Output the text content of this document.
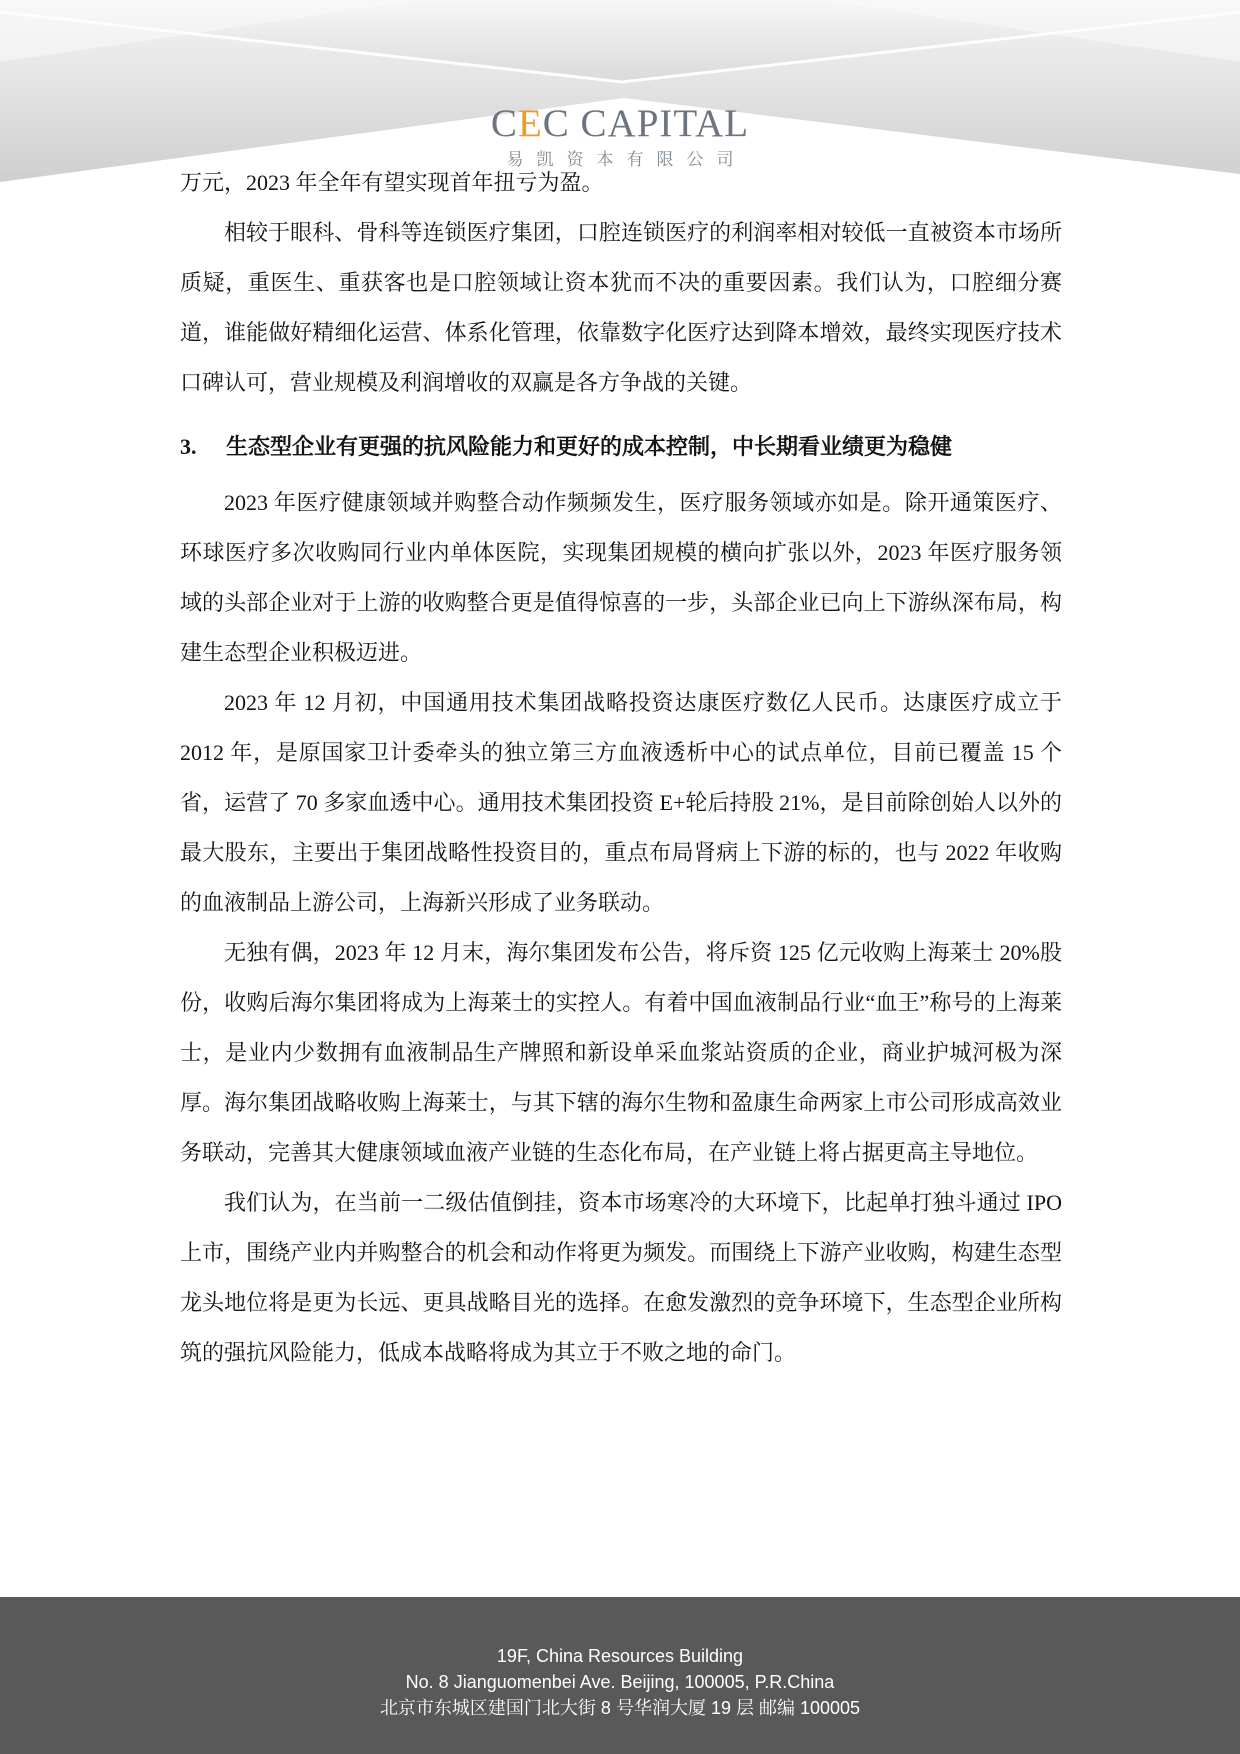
CEC CAPITAL
易凯资本有限公司

万元，2023 年全年有望实现首年扭亏为盈。

相较于眼科、骨科等连锁医疗集团，口腔连锁医疗的利润率相对较低一直被资本市场所质疑，重医生、重获客也是口腔领域让资本犹而不决的重要因素。我们认为，口腔细分赛道，谁能做好精细化运营、体系化管理，依靠数字化医疗达到降本增效，最终实现医疗技术口碑认可，营业规模及利润增收的双赢是各方争战的关键。

3.	生态型企业有更强的抗风险能力和更好的成本控制，中长期看业绩更为稳健

2023 年医疗健康领域并购整合动作频频发生，医疗服务领域亦如是。除开通策医疗、环球医疗多次收购同行业内单体医院，实现集团规模的横向扩张以外，2023 年医疗服务领域的头部企业对于上游的收购整合更是值得惊喜的一步，头部企业已向上下游纵深布局，构建生态型企业积极迈进。

2023 年 12 月初，中国通用技术集团战略投资达康医疗数亿人民币。达康医疗成立于 2012 年，是原国家卫计委牵头的独立第三方血液透析中心的试点单位，目前已覆盖 15 个省，运营了 70 多家血透中心。通用技术集团投资 E+轮后持股 21%，是目前除创始人以外的最大股东，主要出于集团战略性投资目的，重点布局肾病上下游的标的，也与 2022 年收购的血液制品上游公司，上海新兴形成了业务联动。

无独有偶，2023 年 12 月末，海尔集团发布公告，将斥资 125 亿元收购上海莱士 20%股份，收购后海尔集团将成为上海莱士的实控人。有着中国血液制品行业“血王”称号的上海莱士，是业内少数拥有血液制品生产牌照和新设单采血浆站资质的企业，商业护城河极为深厚。海尔集团战略收购上海莱士，与其下辖的海尔生物和盈康生命两家上市公司形成高效业务联动，完善其大健康领域血液产业链的生态化布局，在产业链上将占据更高主导地位。

我们认为，在当前一二级估值倒挂，资本市场寒冷的大环境下，比起单打独斗通过 IPO 上市，围绕产业内并购整合的机会和动作将更为频发。而围绕上下游产业收购，构建生态型龙头地位将是更为长远、更具战略目光的选择。在愈发激烈的竞争环境下，生态型企业所构筑的强抗风险能力，低成本战略将成为其立于不败之地的命门。

19F, China Resources Building
No. 8 Jianguomenbei Ave. Beijing, 100005, P.R.China
北京市东城区建国门北大街 8 号华润大厦 19 层 邮编 100005
